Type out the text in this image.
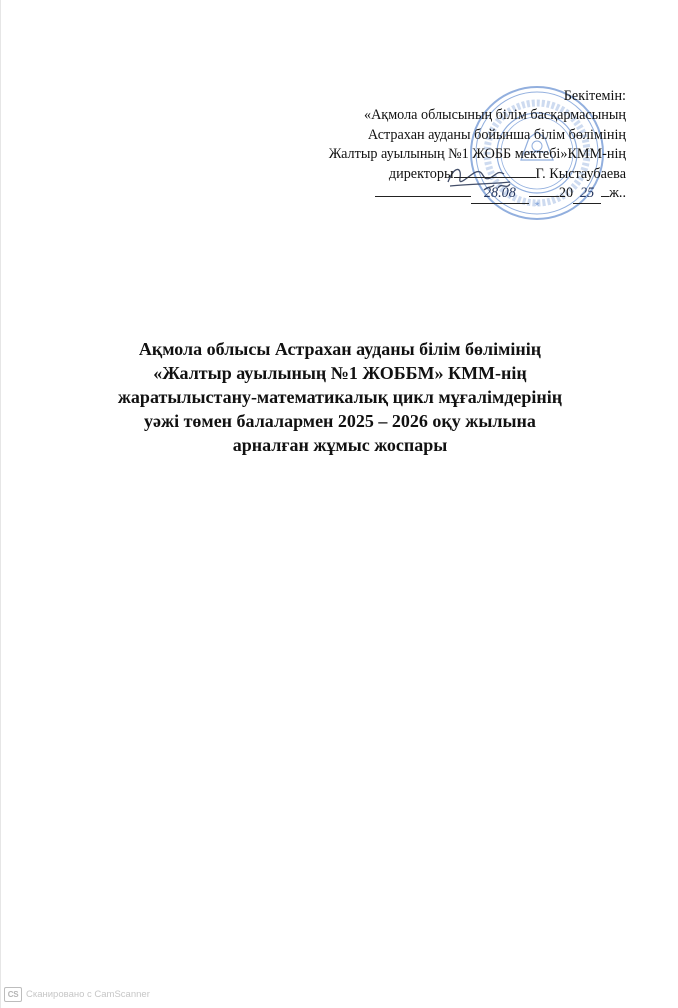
★
Бекітемін:
«Ақмола облысының білім басқармасының
Астрахан ауданы бойынша білім бөлімінің
Жалтыр ауылының №1 ЖОББ мектебі»КММ-нің
директоры	Г. Кыстаубаева
28.08	20 25 ж..
Ақмола облысы Астрахан ауданы білім бөлімінің
«Жалтыр ауылының №1 ЖОББМ» КММ-нің
жаратылыстану-математикалық цикл мұғалімдерінің
уәжі төмен балалармен 2025 – 2026 оқу жылына
арналған жұмыс жоспары
CS Сканировано с CamScanner
